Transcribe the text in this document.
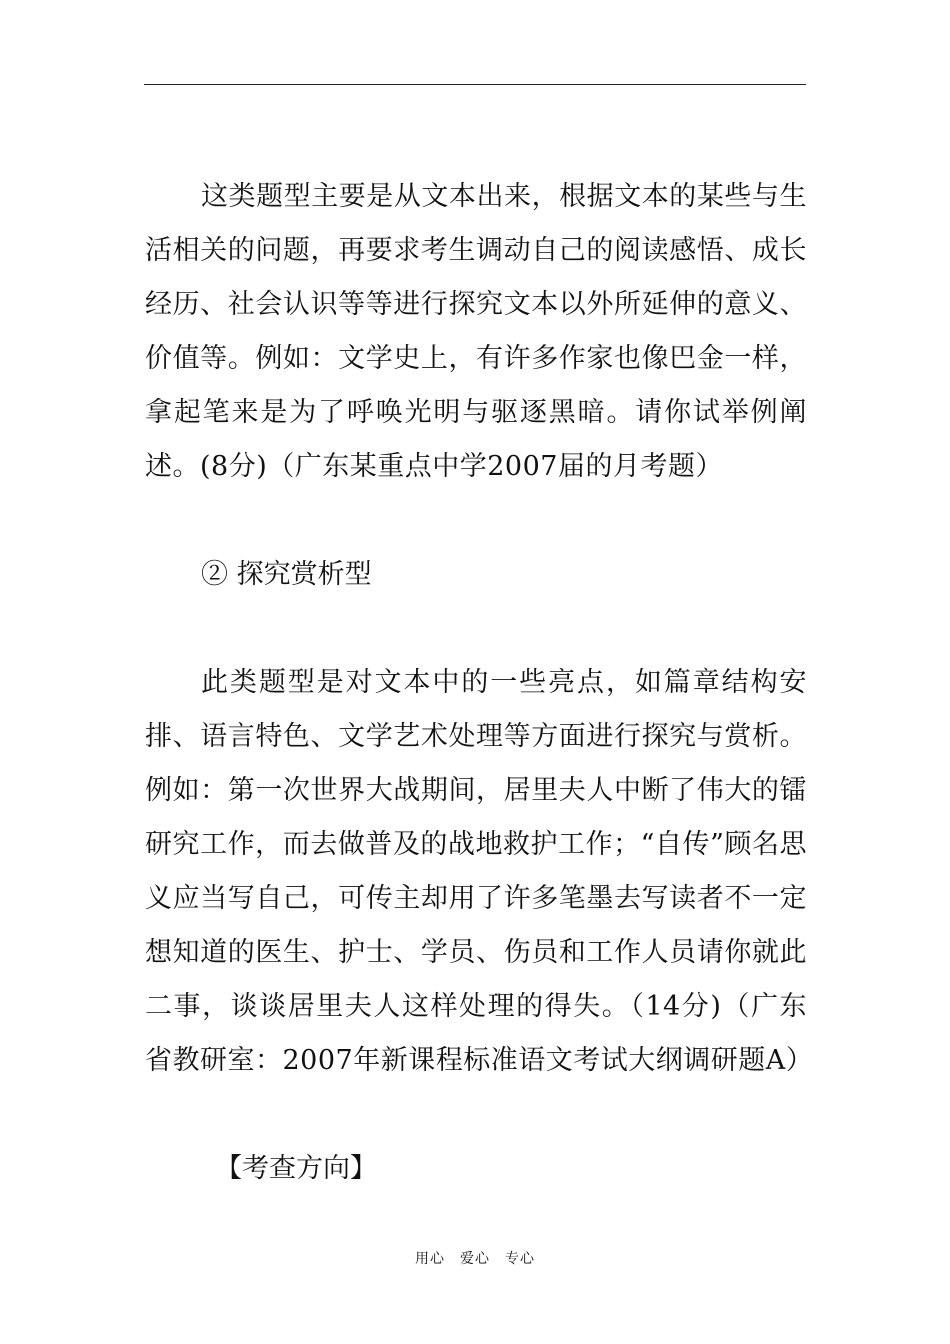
这类题型主要是从文本出来，根据文本的某些与生活相关的问题，再要求考生调动自己的阅读感悟、成长经历、社会认识等等进行探究文本以外所延伸的意义、价值等。例如：文学史上，有许多作家也像巴金一样，拿起笔来是为了呼唤光明与驱逐黑暗。请你试举例阐述。(8分)（广东某重点中学2007届的月考题）

② 探究赏析型

此类题型是对文本中的一些亮点，如篇章结构安排、语言特色、文学艺术处理等方面进行探究与赏析。例如：第一次世界大战期间，居里夫人中断了伟大的镭研究工作，而去做普及的战地救护工作；“自传”顾名思义应当写自己，可传主却用了许多笔墨去写读者不一定想知道的医生、护士、学员、伤员和工作人员请你就此二事，谈谈居里夫人这样处理的得失。（14分)（广东省教研室：2007年新课程标准语文考试大纲调研题A）

【考查方向】

用心　爱心　专心
